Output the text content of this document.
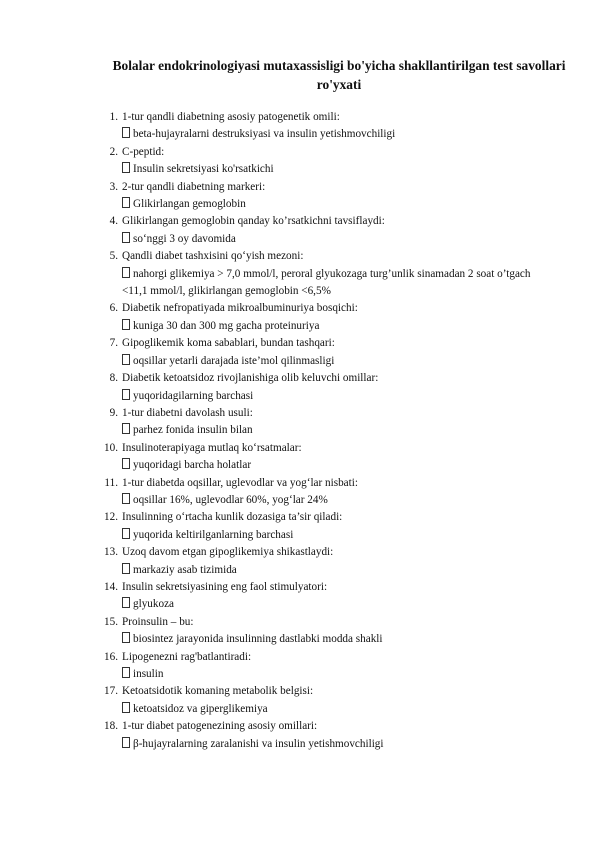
Bolalar endokrinologiyasi mutaxassisligi bo'yicha shakllantirilgan test savollari ro'yxati
1. 1-tur qandli diabetning asosiy patogenetik omili:
beta-hujayralarni destruksiyasi va insulin yetishmovchiligi
2. C-peptid:
Insulin sekretsiyasi ko'rsatkichi
3. 2-tur qandli diabetning markeri:
Glikirlangan gemoglobin
4. Glikirlangan gemoglobin qanday ko’rsatkichni tavsiflaydi:
so‘nggi 3 oy davomida
5. Qandli diabet tashxisini qo‘yish mezoni:
nahorgi glikemiya > 7,0 mmol/l, peroral glyukozaga turg’unlik sinamadan 2 soat o’tgach <11,1 mmol/l, glikirlangan gemoglobin <6,5%
6. Diabetik nefropatiyada mikroalbuminuriya bosqichi:
kuniga 30 dan 300 mg gacha proteinuriya
7. Gipoglikemik koma sabablari, bundan tashqari:
oqsillar yetarli darajada iste’mol qilinmasligi
8. Diabetik ketoatsidoz rivojlanishiga olib keluvchi omillar:
yuqoridagilarning barchasi
9. 1-tur diabetni davolash usuli:
parhez fonida insulin bilan
10. Insulinoterapiyaga mutlaq ko‘rsatmalar:
yuqoridagi barcha holatlar
11. 1-tur diabetda oqsillar, uglevodlar va yog‘lar nisbati:
oqsillar 16%, uglevodlar 60%, yog‘lar 24%
12. Insulinning o‘rtacha kunlik dozasiga ta’sir qiladi:
yuqorida keltirilganlarning barchasi
13. Uzoq davom etgan gipoglikemiya shikastlaydi:
markaziy asab tizimida
14. Insulin sekretsiyasining eng faol stimulyatori:
glyukoza
15. Proinsulin – bu:
biosintez jarayonida insulinning dastlabki modda shakli
16. Lipogenezni rag'batlantiradi:
insulin
17. Ketoatsidotik komaning metabolik belgisi:
ketoatsidoz va giperglikemiya
18. 1-tur diabet patogenezining asosiy omillari:
β-hujayralarning zaralanishi va insulin yetishmovchiligi
